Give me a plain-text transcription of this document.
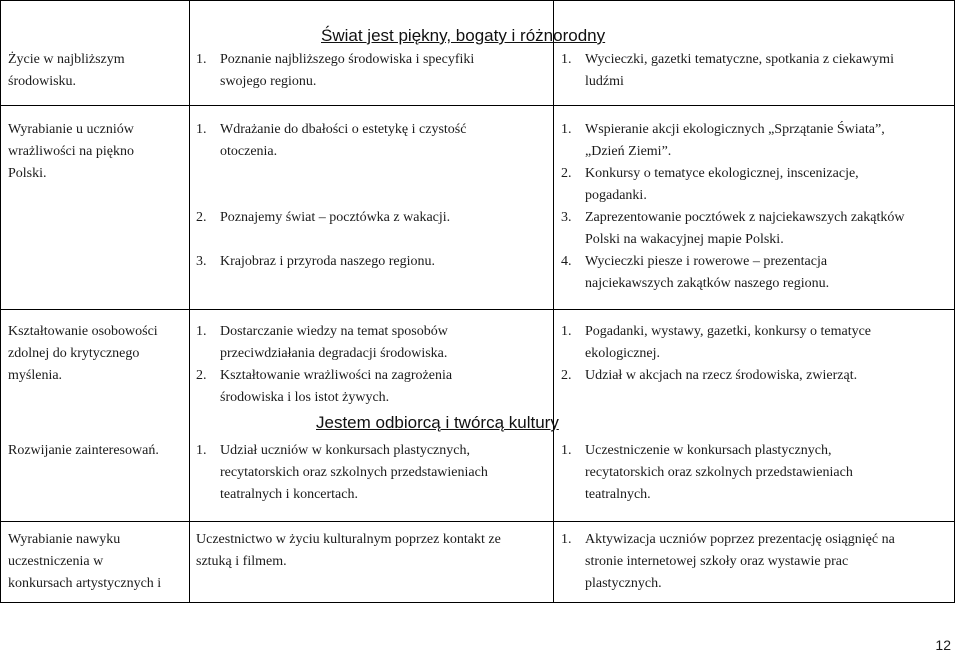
Świat jest piękny, bogaty i różnorodny
Jestem odbiorcą i twórcą kultury
Życie w najbliższym
środowisku.
1. Poznanie najbliższego środowiska i specyfiki
swojego regionu.
1. Wycieczki, gazetki tematyczne, spotkania z ciekawymi
ludźmi
Wyrabianie u uczniów
wrażliwości na piękno
Polski.
1. Wdrażanie do dbałości o estetykę i czystość
otoczenia.
2. Poznajemy świat – pocztówka z wakacji.
3. Krajobraz i przyroda naszego regionu.
1. Wspieranie akcji ekologicznych „Sprzątanie Świata”,
„Dzień Ziemi”.
2. Konkursy o tematyce ekologicznej, inscenizacje,
pogadanki.
3. Zaprezentowanie pocztówek z najciekawszych zakątków
Polski na wakacyjnej mapie Polski.
4. Wycieczki piesze i rowerowe – prezentacja
najciekawszych zakątków naszego regionu.
Kształtowanie osobowości
zdolnej do krytycznego
myślenia.
1. Dostarczanie wiedzy na temat sposobów
przeciwdziałania degradacji środowiska.
2. Kształtowanie wrażliwości na zagrożenia
środowiska i los istot żywych.
1. Pogadanki, wystawy, gazetki, konkursy o tematyce
ekologicznej.
2. Udział w akcjach na rzecz środowiska, zwierząt.
Rozwijanie zainteresowań.	1. Udział uczniów w konkursach plastycznych,
recytatorskich oraz szkolnych przedstawieniach
teatralnych i koncertach.
1. Uczestniczenie w konkursach plastycznych,
recytatorskich oraz szkolnych przedstawieniach
teatralnych.
Wyrabianie nawyku
uczestniczenia w
konkursach artystycznych i
Uczestnictwo w życiu kulturalnym poprzez kontakt ze
sztuką i filmem.
1. Aktywizacja uczniów poprzez prezentację osiągnięć na
stronie internetowej szkoły oraz wystawie prac
plastycznych.
12
